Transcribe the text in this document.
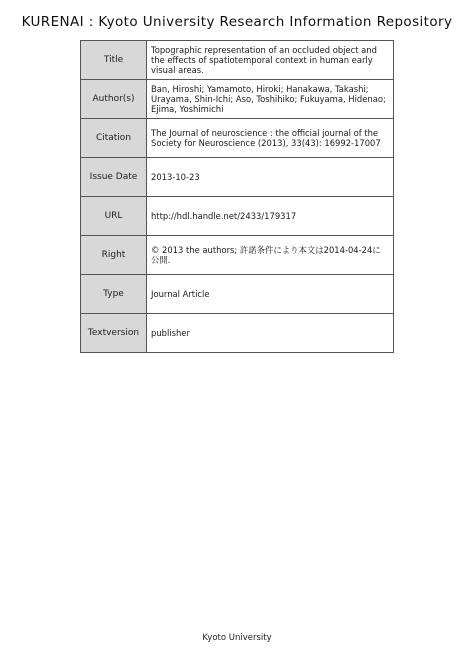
KURENAI : Kyoto University Research Information Repository
Title	Topographic representation of an occluded object and the effects of spatiotemporal context in human early visual areas.

Author(s)	Ban, Hiroshi; Yamamoto, Hiroki; Hanakawa, Takashi; Urayama, Shin-Ichi; Aso, Toshihiko; Fukuyama, Hidenao; Ejima, Yoshimichi

Citation	The Journal of neuroscience : the official journal of the Society for Neuroscience (2013), 33(43): 16992-17007

Issue Date	2013-10-23

URL	http://hdl.handle.net/2433/179317

Right	© 2013 the authors; 許諾条件により本文は2014-04-24に公開.

Type	Journal Article

Textversion	publisher
Kyoto University
